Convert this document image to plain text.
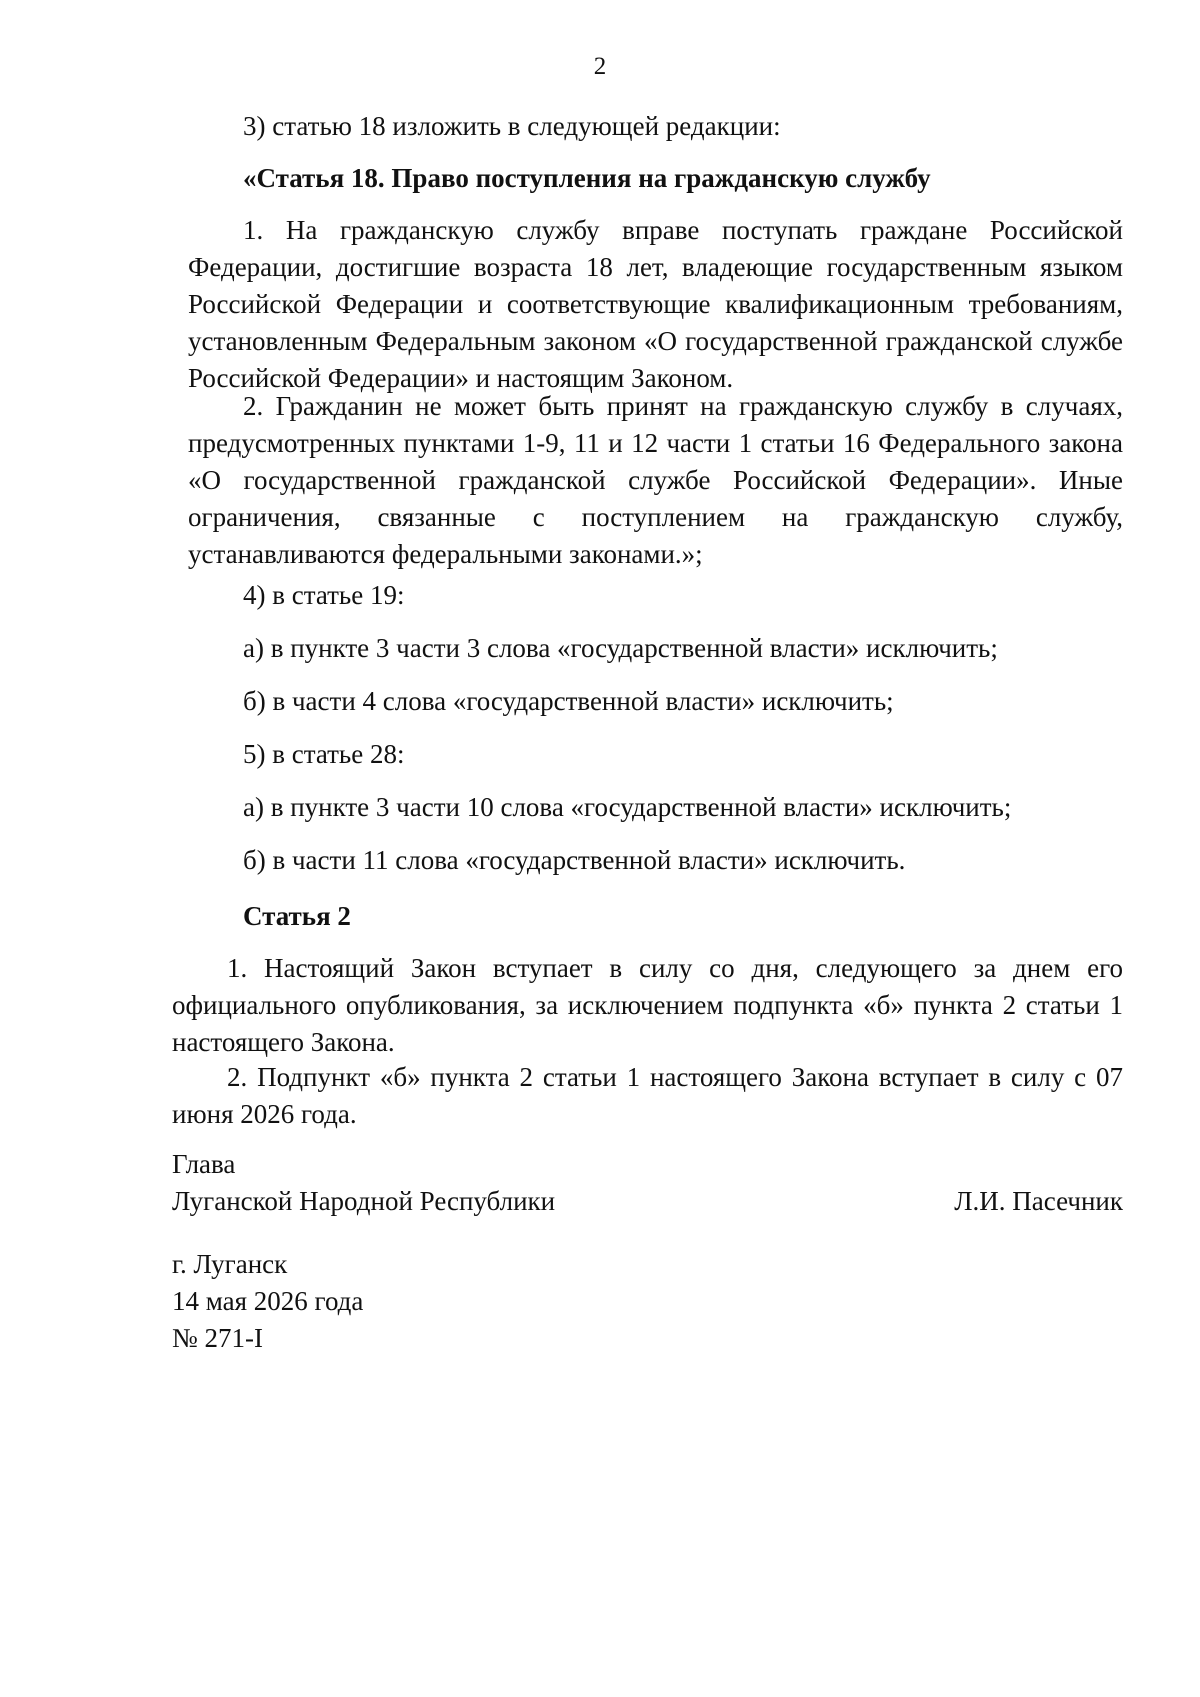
2
3) статью 18 изложить в следующей редакции:
«Статья 18. Право поступления на гражданскую службу

1. На гражданскую службу вправе поступать граждане Российской Федерации, достигшие возраста 18 лет, владеющие государственным языком Российской Федерации и соответствующие квалификационным требованиям, установленным Федеральным законом «О государственной гражданской службе Российской Федерации» и настоящим Законом.

2. Гражданин не может быть принят на гражданскую службу в случаях, предусмотренных пунктами 1-9, 11 и 12 части 1 статьи 16 Федерального закона «О государственной гражданской службе Российской Федерации». Иные ограничения, связанные с поступлением на гражданскую службу, устанавливаются федеральными законами.»;

4) в статье 19:
а) в пункте 3 части 3 слова «государственной власти» исключить;
б) в части 4 слова «государственной власти» исключить;
5) в статье 28:
а) в пункте 3 части 10 слова «государственной власти» исключить;
б) в части 11 слова «государственной власти» исключить.
Статья 2

1. Настоящий Закон вступает в силу со дня, следующего за днем его официального опубликования, за исключением подпункта «б» пункта 2 статьи 1 настоящего Закона.

2. Подпункт «б» пункта 2 статьи 1 настоящего Закона вступает в силу с 07 июня 2026 года.

Глава
Луганской Народной Республики	Л.И. Пасечник
г. Луганск
14 мая 2026 года
№ 271-I
